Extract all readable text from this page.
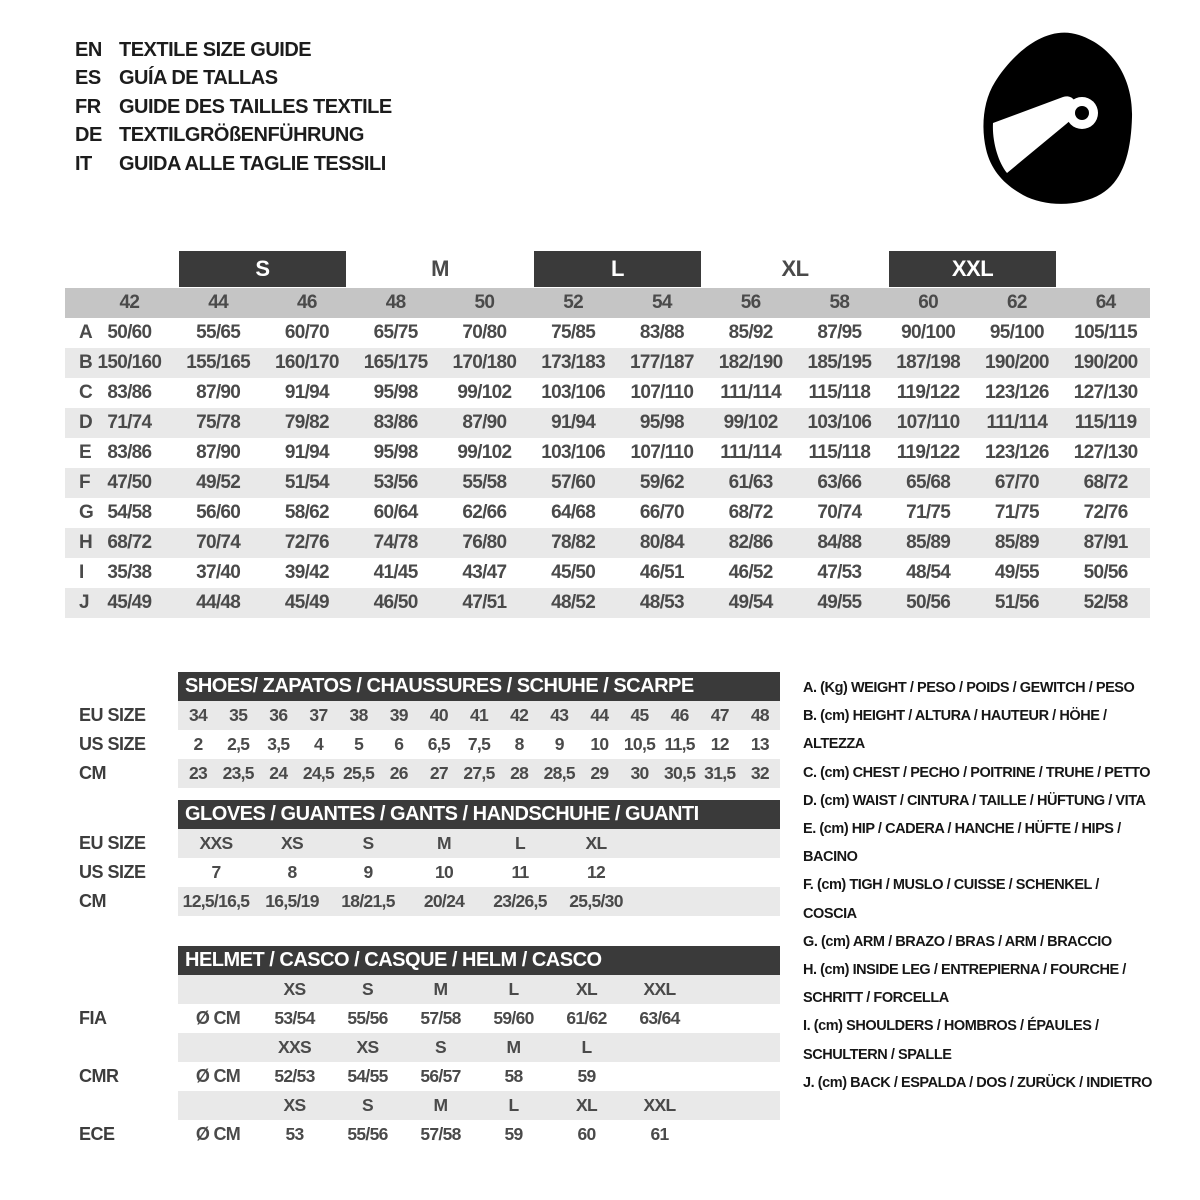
EN TEXTILE SIZE GUIDE
ES GUÍA DE TALLAS
FR GUIDE DES TAILLES TEXTILE
DE TEXTILGRÖßENFÜHRUNG
IT	GUIDA ALLE TAGLIE TESSILI
S	M	L	XL	XXL
42	44	46	48	50	52	54	56	58	60	62	64
A 50/60	55/65	60/70	65/75	70/80	75/85	83/88	85/92	87/95	90/100	95/100	105/115
B 150/160	155/165	160/170	165/175	170/180	173/183	177/187	182/190	185/195	187/198	190/200	190/200
C 83/86	87/90	91/94	95/98	99/102	103/106	107/110	111/114	115/118	119/122	123/126	127/130
D 71/74	75/78	79/82	83/86	87/90	91/94	95/98	99/102	103/106	107/110	111/114	115/119
E 83/86	87/90	91/94	95/98	99/102	103/106	107/110	111/114	115/118	119/122	123/126	127/130
F 47/50	49/52	51/54	53/56	55/58	57/60	59/62	61/63	63/66	65/68	67/70	68/72
G 54/58	56/60	58/62	60/64	62/66	64/68	66/70	68/72	70/74	71/75	71/75	72/76
H 68/72	70/74	72/76	74/78	76/80	78/82	80/84	82/86	84/88	85/89	85/89	87/91
I	35/38	37/40	39/42	41/45	43/47	45/50	46/51	46/52	47/53	48/54	49/55	50/56
J 45/49	44/48	45/49	46/50	47/51	48/52	48/53	49/54	49/55	50/56	51/56	52/58
SHOES/ ZAPATOS / CHAUSSURES / SCHUHE / SCARPE
EU SIZE	34	35	36	37	38	39	40	41	42	43	44	45	46	47	48
US SIZE	2	2,5	3,5	4	5	6	6,5	7,5	8	9	10 10,5 11,5 12	13
CM	23 23,5 24 24,5 25,5 26	27 27,5 28 28,5 29	30 30,5 31,5 32
GLOVES / GUANTES / GANTS / HANDSCHUHE / GUANTI
EU SIZE	XXS	XS	S	M	L	XL
US SIZE	7	8	9	10	11	12
CM	12,5/16,5 16,5/19	18/21,5	20/24	23/26,5	25,5/30
HELMET / CASCO / CASQUE / HELM / CASCO
XS	S	M	L	XL	XXL
FIA	Ø CM	53/54	55/56	57/58	59/60	61/62	63/64
XXS	XS	S	M	L
CMR	Ø CM	52/53	54/55	56/57	58	59
XS	S	M	L	XL	XXL
ECE	Ø CM	53	55/56	57/58	59	60	61
A. (Kg) WEIGHT / PESO / POIDS / GEWITCH / PESO
B. (cm) HEIGHT / ALTURA / HAUTEUR / HÖHE / ALTEZZA
C. (cm) CHEST / PECHO / POITRINE / TRUHE / PETTO
D. (cm) WAIST / CINTURA / TAILLE / HÜFTUNG / VITA
E. (cm) HIP / CADERA / HANCHE / HÜFTE / HIPS / BACINO
F. (cm) TIGH / MUSLO / CUISSE / SCHENKEL / COSCIA
G. (cm) ARM / BRAZO / BRAS / ARM / BRACCIO
H. (cm) INSIDE LEG / ENTREPIERNA / FOURCHE / SCHRITT / FORCELLA
I. (cm) SHOULDERS / HOMBROS / ÉPAULES / SCHULTERN / SPALLE
J. (cm) BACK / ESPALDA / DOS / ZURÜCK / INDIETRO
